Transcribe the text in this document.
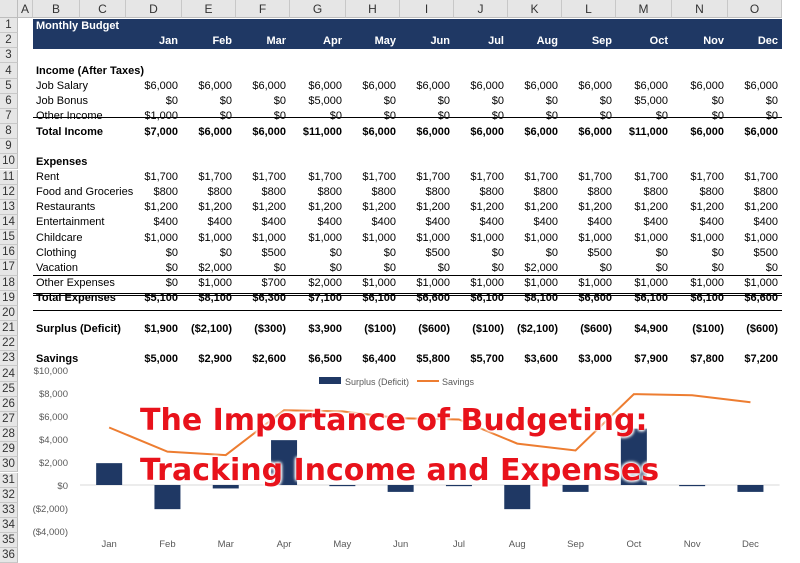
A	B	C	D	E	F	G	H	I	J	K	L	M	N	O
1
2
3
4
5
6
7
8
9
10
11
12
13
14
15
16
17
18
19
20
21
22
23
24
25
26
27
28
29
30
31
32
33
34
35
36
Monthly Budget
Jan	Feb	Mar	Apr	May	Jun	Jul	Aug	Sep	Oct	Nov	Dec
Income (After Taxes)
Job Salary	$6,000	$6,000	$6,000	$6,000	$6,000	$6,000	$6,000	$6,000	$6,000	$6,000	$6,000	$6,000
Job Bonus	$0	$0	$0	$5,000	$0	$0	$0	$0	$0	$5,000	$0	$0
Other Income	$1,000	$0	$0	$0	$0	$0	$0	$0	$0	$0	$0	$0
Total Income	$7,000	$6,000	$6,000	$11,000	$6,000	$6,000	$6,000	$6,000	$6,000	$11,000	$6,000	$6,000
Expenses
Rent	$1,700	$1,700	$1,700	$1,700	$1,700	$1,700	$1,700	$1,700	$1,700	$1,700	$1,700	$1,700
Food and Groceries	$800	$800	$800	$800	$800	$800	$800	$800	$800	$800	$800	$800
Restaurants	$1,200	$1,200	$1,200	$1,200	$1,200	$1,200	$1,200	$1,200	$1,200	$1,200	$1,200	$1,200
Entertainment	$400	$400	$400	$400	$400	$400	$400	$400	$400	$400	$400	$400
Childcare	$1,000	$1,000	$1,000	$1,000	$1,000	$1,000	$1,000	$1,000	$1,000	$1,000	$1,000	$1,000
Clothing	$0	$0	$500	$0	$0	$500	$0	$0	$500	$0	$0	$500
Vacation	$0	$2,000	$0	$0	$0	$0	$0	$2,000	$0	$0	$0	$0
Other Expenses	$0	$1,000	$700	$2,000	$1,000	$1,000	$1,000	$1,000	$1,000	$1,000	$1,000	$1,000
Total Expenses	$5,100	$8,100	$6,300	$7,100	$6,100	$6,600	$6,100	$8,100	$6,600	$6,100	$6,100	$6,600
Surplus (Deficit)	$1,900	($2,100)	($300)	$3,900	($100)	($600)	($100)	($2,100)	($600)	$4,900	($100)	($600)
Savings	$5,000	$2,900	$2,600	$6,500	$6,400	$5,800	$5,700	$3,600	$3,000	$7,900	$7,800	$7,200
$10,000
$8,000
$6,000
$4,000
$2,000
$0
($2,000)
($4,000)
Jan	Feb	Mar	Apr	May	Jun	Jul	Aug	Sep	Oct	Nov	Dec
Surplus (Deficit)	Savings
The Importance of Budgeting:
Tracking Income and Expenses
